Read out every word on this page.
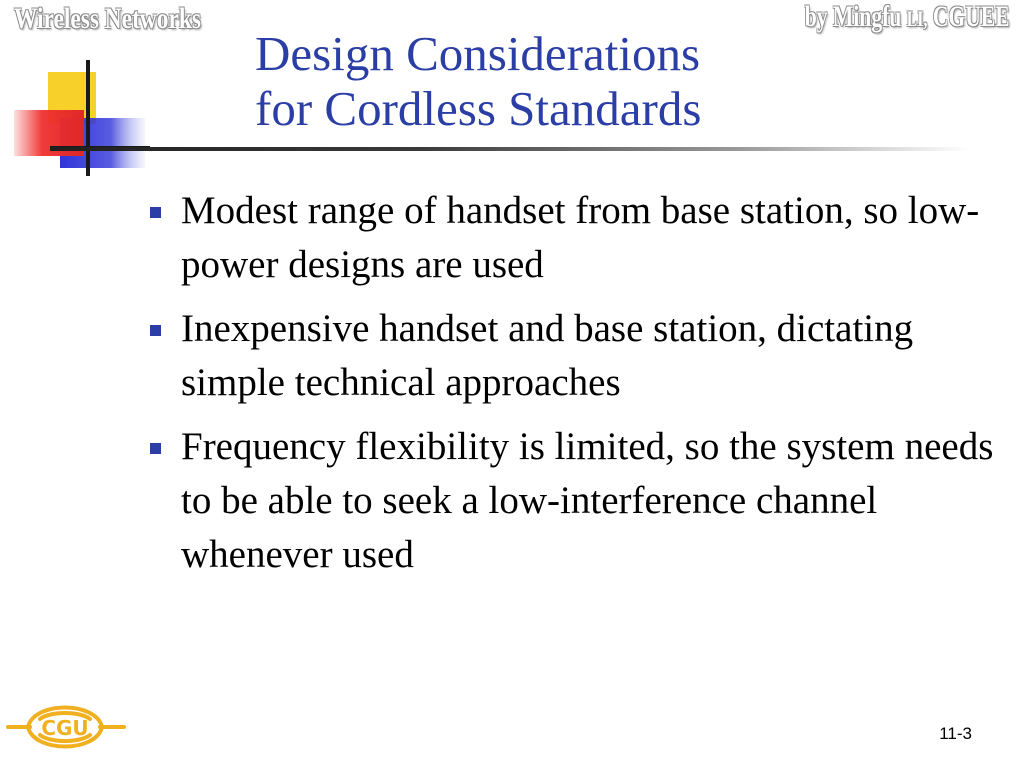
Wireless Networks	by Mingfu LI, CGUEE
Design Considerations
for Cordless Standards
Modest range of handset from base station, so low-power designs are used
Inexpensive handset and base station, dictating simple technical approaches
Frequency flexibility is limited, so the system needs to be able to seek a low-interference channel whenever used
CGU	11-3
